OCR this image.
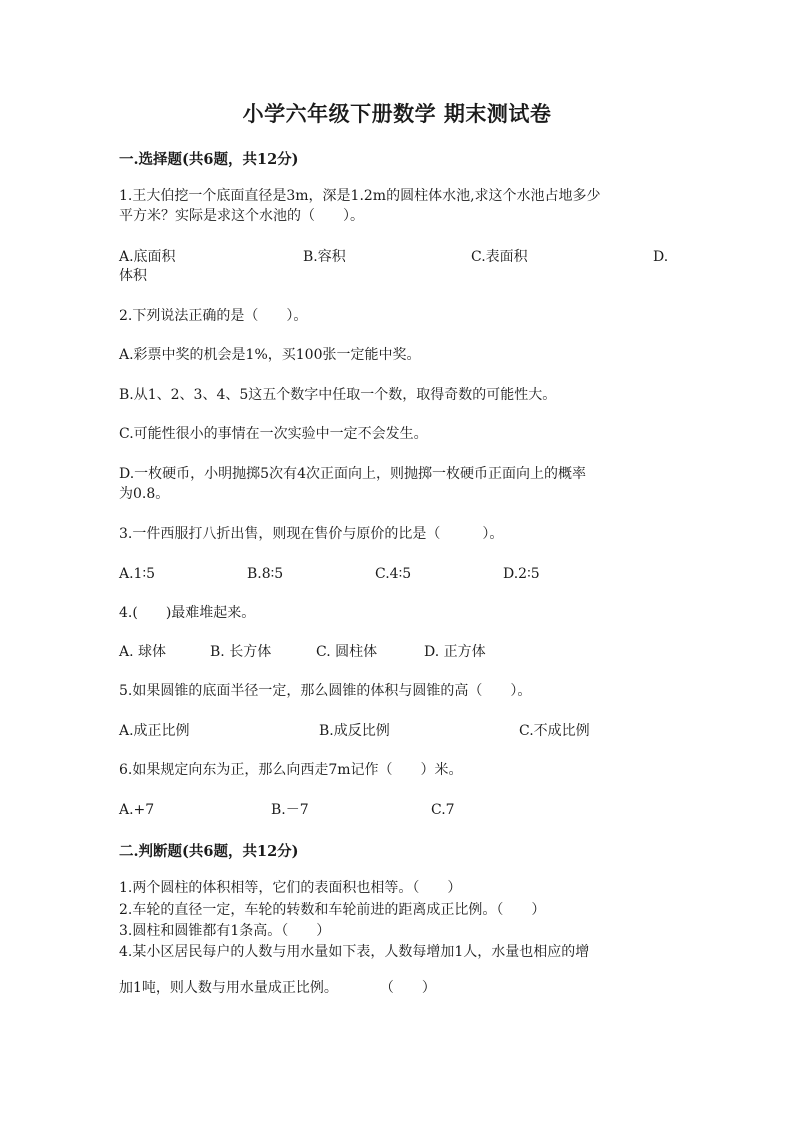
小学六年级下册数学 期末测试卷
一.选择题(共6题，共12分)
1.王大伯挖一个底面直径是3m，深是1.2m的圆柱体水池,求这个水池占地多少
平方米？实际是求这个水池的（　　）。
A.底面积	B.容积	C.表面积	D.
体积
2.下列说法正确的是（　　）。
A.彩票中奖的机会是1%，买100张一定能中奖。
B.从1、2、3、4、5这五个数字中任取一个数，取得奇数的可能性大。
C.可能性很小的事情在一次实验中一定不会发生。
D.一枚硬币，小明抛掷5次有4次正面向上，则抛掷一枚硬币正面向上的概率
为0.8。
3.一件西服打八折出售，则现在售价与原价的比是（　　　）。
A.1∶5	B.8∶5	C.4∶5	D.2∶5
4.(　　)最难堆起来。
A. 球体	B. 长方体	C. 圆柱体	D. 正方体
5.如果圆锥的底面半径一定，那么圆锥的体积与圆锥的高（　　）。
A.成正比例	B.成反比例	C.不成比例
6.如果规定向东为正，那么向西走7m记作（　　）米。
A.+7	B.－7	C.7
二.判断题(共6题，共12分)
1.两个圆柱的体积相等，它们的表面积也相等。（　　）
2.车轮的直径一定，车轮的转数和车轮前进的距离成正比例。（　　）
3.圆柱和圆锥都有1条高。（　　）
4.某小区居民每户的人数与用水量如下表，人数每增加1人，水量也相应的增
加1吨，则人数与用水量成正比例。　　　　（　　）
